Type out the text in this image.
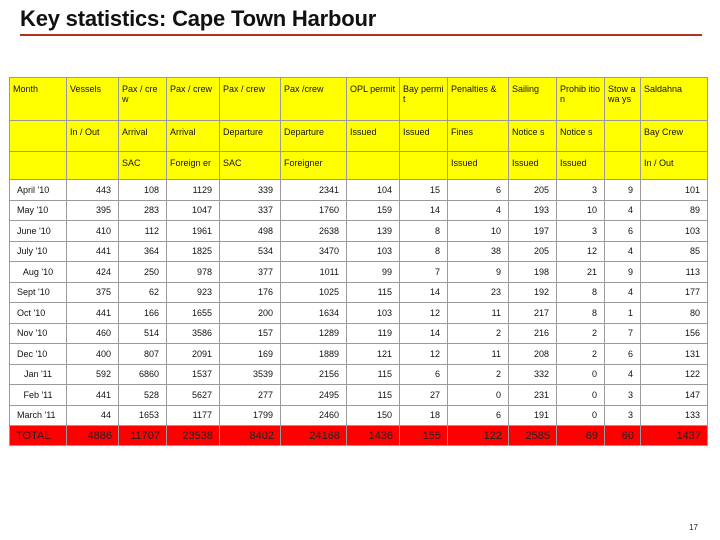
Key statistics: Cape Town Harbour
Month	Vessels	Pax / crew	Pax / crew	Pax / crew	Pax /crew	OPL permit	Bay permit	Penalties &	Sailing	Prohib ition	Stow awa ys	Saldahna
	In / Out	Arrival	Arrival	Departure	Departure	Issued	Issued	Fines	Notice s	Notice s		Bay Crew
		SAC	Foreign er	SAC	Foreigner			Issued	Issued	Issued		In / Out
April '10	443	108	1129	339	2341	104	15	6	205	3	9	101
May '10	395	283	1047	337	1760	159	14	4	193	10	4	89
June '10	410	112	1961	498	2638	139	8	10	197	3	6	103
July '10	441	364	1825	534	3470	103	8	38	205	12	4	85
Aug '10	424	250	978	377	1011	99	7	9	198	21	9	113
Sept '10	375	62	923	176	1025	115	14	23	192	8	4	177
Oct '10	441	166	1655	200	1634	103	12	11	217	8	1	80
Nov '10	460	514	3586	157	1289	119	14	2	216	2	7	156
Dec '10	400	807	2091	169	1889	121	12	11	208	2	6	131
Jan '11	592	6860	1537	3539	2156	115	6	2	332	0	4	122
Feb '11	441	528	5627	277	2495	115	27	0	231	0	3	147
March '11	44	1653	1177	1799	2460	150	18	6	191	0	3	133
TOTAL	4886	11707	23538	8402	24168	1436	155	122	2585	69	60	1437
17
